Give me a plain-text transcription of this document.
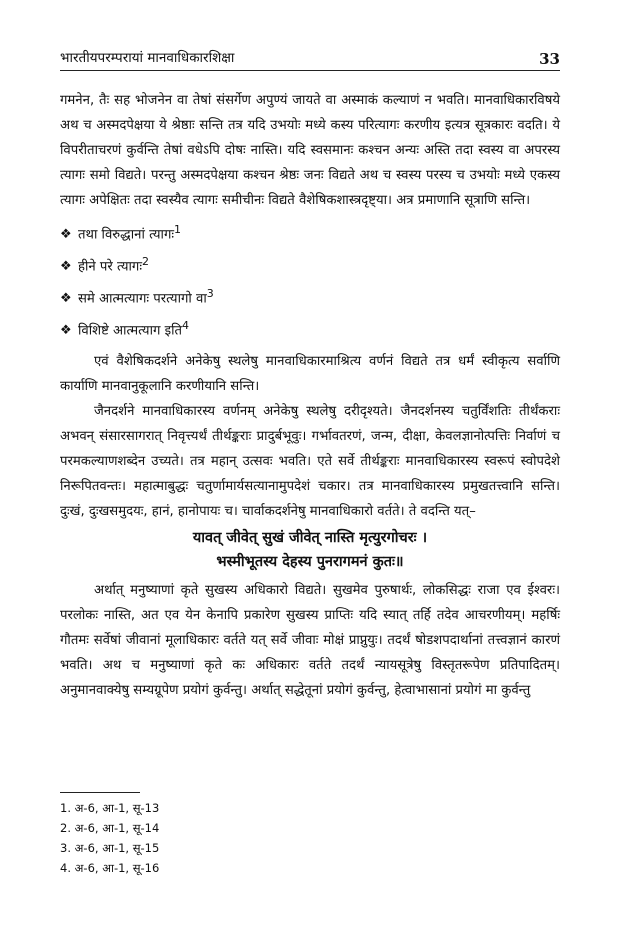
भारतीयपरम्परायां मानवाधिकारशिक्षा	33

गमनेन, तैः सह भोजनेन वा तेषां संसर्गेण अपुण्यं जायते वा अस्माकं कल्याणं न भवति। मानवाधिकारविषये अथ च अस्मदपेक्षया ये श्रेष्ठाः सन्ति तत्र यदि उभयोः मध्ये कस्य परित्यागः करणीय इत्यत्र सूत्रकारः वदति। ये विपरीताचरणं कुर्वन्ति तेषां वधेऽपि दोषः नास्ति। यदि स्वसमानः कश्चन अन्यः अस्ति तदा स्वस्य वा अपरस्य त्यागः समो विद्यते। परन्तु अस्मदपेक्षया कश्चन श्रेष्ठः जनः विद्यते अथ च स्वस्य परस्य च उभयोः मध्ये एकस्य त्यागः अपेक्षितः तदा स्वस्यैव त्यागः समीचीनः विद्यते वैशेषिकशास्त्रदृष्ट्या। अत्र प्रमाणानि सूत्राणि सन्ति।

❖ तथा विरुद्धानां त्यागः$^1$
❖ हीने परे त्यागः$^2$
❖ समे आत्मत्यागः परत्यागो वा$^3$
❖ विशिष्टे आत्मत्याग इति$^4$

एवं वैशेषिकदर्शने अनेकेषु स्थलेषु मानवाधिकारमाश्रित्य वर्णनं विद्यते तत्र धर्मं स्वीकृत्य सर्वाणि कार्याणि मानवानुकूलानि करणीयानि सन्ति।

जैनदर्शने मानवाधिकारस्य वर्णनम् अनेकेषु स्थलेषु दरीदृश्यते। जैनदर्शनस्य चतुर्विंशतिः तीर्थंकराः अभवन् संसारसागरात् निवृत्त्यर्थं तीर्थङ्कराः प्रादुर्बभूवुः। गर्भावतरणं, जन्म, दीक्षा, केवलज्ञानोत्पत्तिः निर्वाणं च परमकल्याणशब्देन उच्यते। तत्र महान् उत्सवः भवति। एते सर्वे तीर्थङ्कराः मानवाधिकारस्य स्वरूपं स्वोपदेशे निरूपितवन्तः। महात्माबुद्धः चतुर्णामार्यसत्यानामुपदेशं चकार। तत्र मानवाधिकारस्य प्रमुखतत्त्वानि सन्ति। दुःखं, दुःखसमुदयः, हानं, हानोपायः च। चार्वाकदर्शनेषु मानवाधिकारो वर्तते। ते वदन्ति यत्–

यावत् जीवेत् सुखं जीवेत् नास्ति मृत्युरगोचरः ।
भस्मीभूतस्य देहस्य पुनरागमनं कुतः॥

अर्थात् मनुष्याणां कृते सुखस्य अधिकारो विद्यते। सुखमेव पुरुषार्थः, लोकसिद्धः राजा एव ईश्वरः। परलोकः नास्ति, अत एव येन केनापि प्रकारेण सुखस्य प्राप्तिः यदि स्यात् तर्हि तदेव आचरणीयम्। महर्षिः गौतमः सर्वेषां जीवानां मूलाधिकारः वर्तते यत् सर्वे जीवाः मोक्षं प्राप्नुयुः। तदर्थं षोडशपदार्थानां तत्त्वज्ञानं कारणं भवति। अथ च मनुष्याणां कृते कः अधिकारः वर्तते तदर्थं न्यायसूत्रेषु विस्तृतरूपेण प्रतिपादितम्। अनुमानवाक्येषु सम्यग्रूपेण प्रयोगं कुर्वन्तु। अर्थात् सद्धेतूनां प्रयोगं कुर्वन्तु, हेत्वाभासानां प्रयोगं मा कुर्वन्तु

1. अ-6, आ-1, सू-13
2. अ-6, आ-1, सू-14
3. अ-6, आ-1, सू-15
4. अ-6, आ-1, सू-16
